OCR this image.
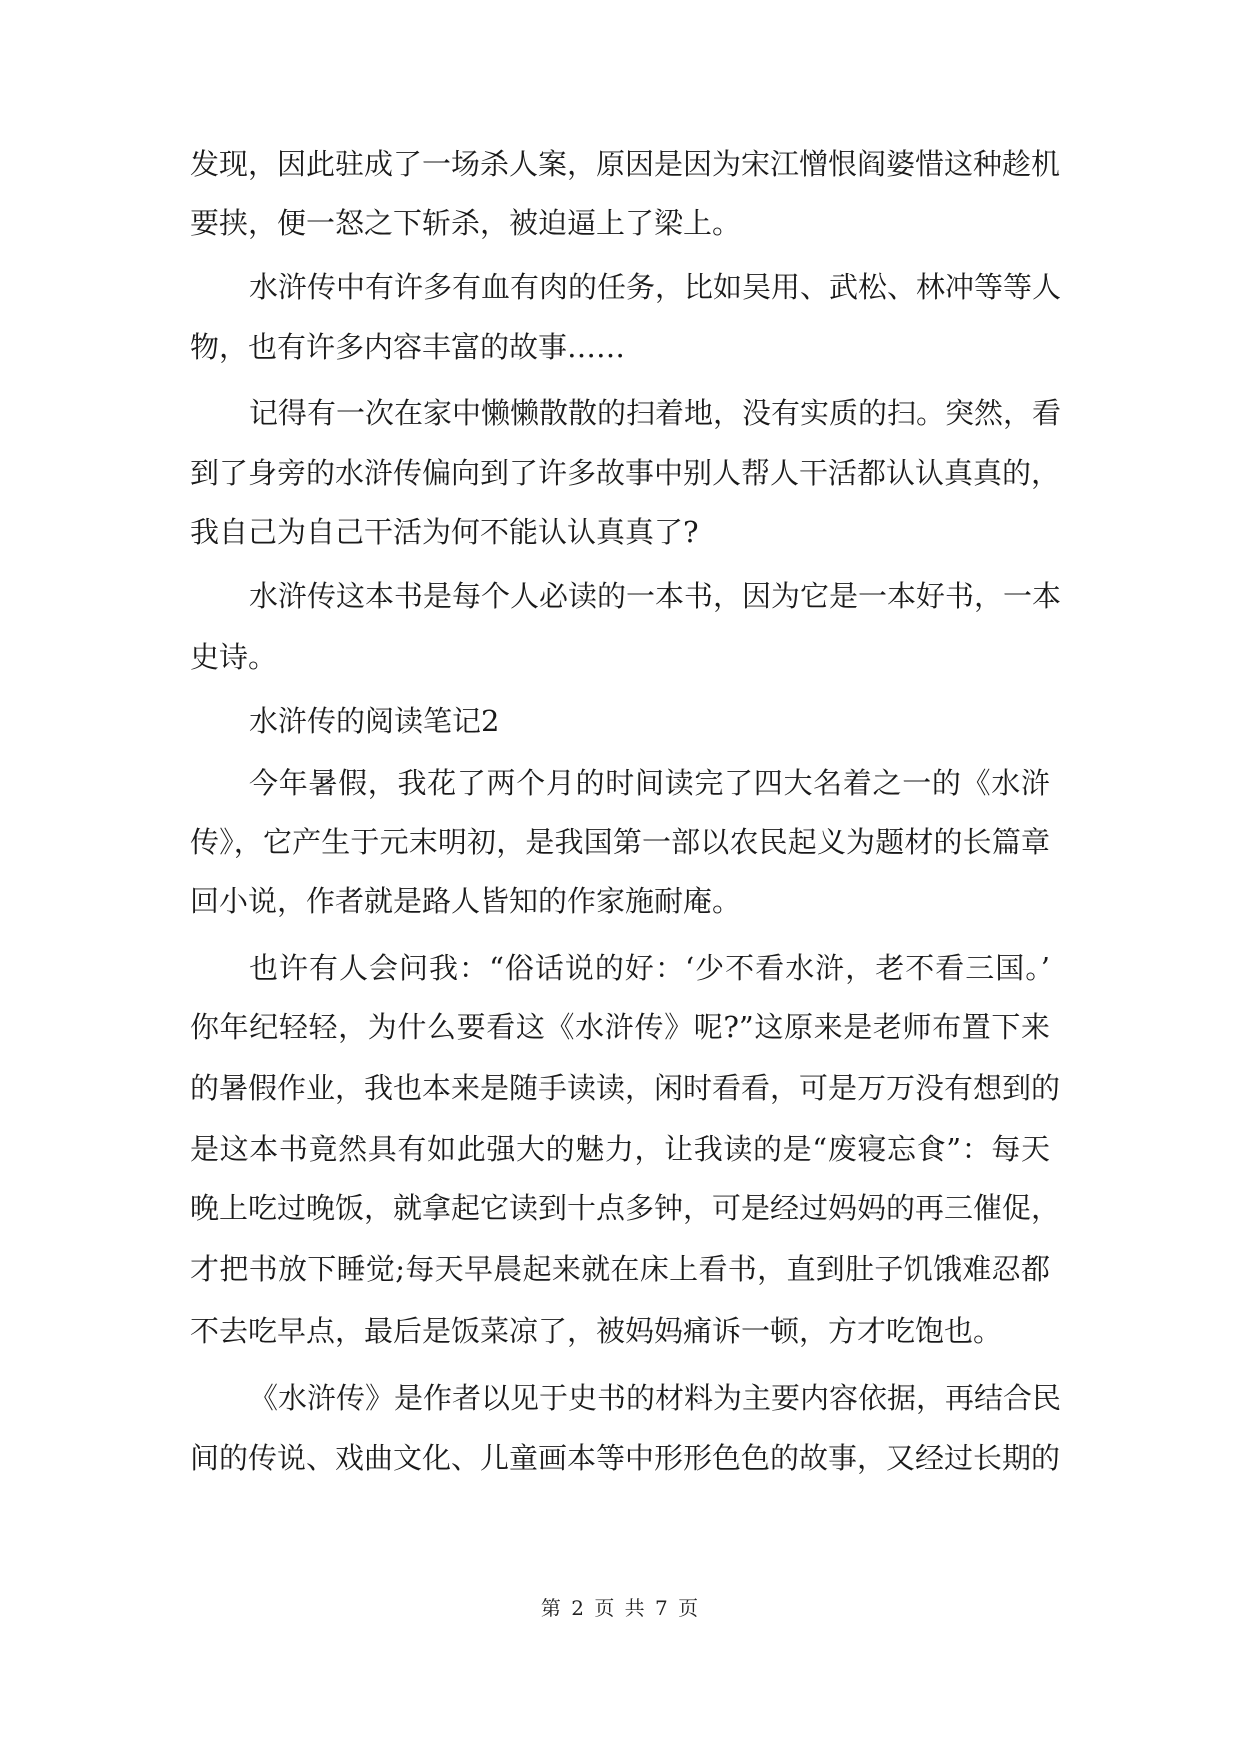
发现，因此驻成了一场杀人案，原因是因为宋江憎恨阎婆惜这种趁机
要挟，便一怒之下斩杀，被迫逼上了梁上。
水浒传中有许多有血有肉的任务，比如吴用、武松、林冲等等人
物，也有许多内容丰富的故事……
记得有一次在家中懒懒散散的扫着地，没有实质的扫。突然，看
到了身旁的水浒传偏向到了许多故事中别人帮人干活都认认真真的，
我自己为自己干活为何不能认认真真了?
水浒传这本书是每个人必读的一本书，因为它是一本好书，一本
史诗。
水浒传的阅读笔记2
今年暑假，我花了两个月的时间读完了四大名着之一的《水浒
传》，它产生于元末明初，是我国第一部以农民起义为题材的长篇章
回小说，作者就是路人皆知的作家施耐庵。
也许有人会问我：“俗话说的好：‘少不看水浒，老不看三国。’
你年纪轻轻，为什么要看这《水浒传》呢?”这原来是老师布置下来
的暑假作业，我也本来是随手读读，闲时看看，可是万万没有想到的
是这本书竟然具有如此强大的魅力，让我读的是“废寝忘食”：每天
晚上吃过晚饭，就拿起它读到十点多钟，可是经过妈妈的再三催促，
才把书放下睡觉;每天早晨起来就在床上看书，直到肚子饥饿难忍都
不去吃早点，最后是饭菜凉了，被妈妈痛诉一顿，方才吃饱也。
《水浒传》是作者以见于史书的材料为主要内容依据，再结合民
间的传说、戏曲文化、儿童画本等中形形色色的故事，又经过长期的
第 2 页 共 7 页
